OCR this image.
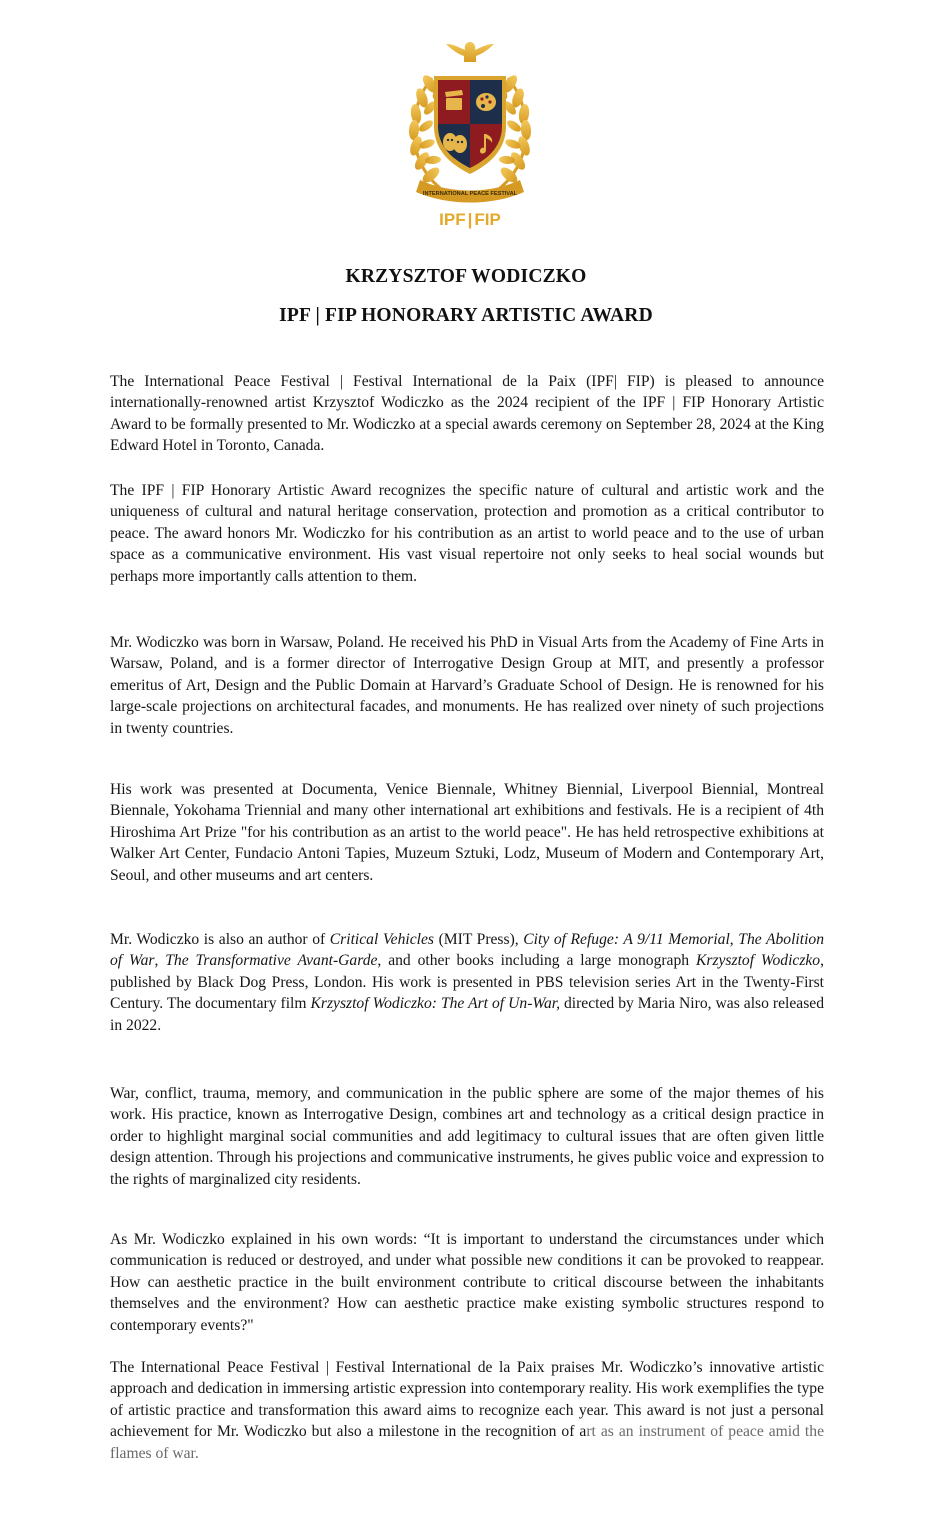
INTERNATIONAL PEACE FESTIVAL
IPF | FIP
KRZYSZTOF WODICZKO
IPF | FIP HONORARY ARTISTIC AWARD

The International Peace Festival | Festival International de la Paix (IPF| FIP) is pleased to announce internationally-renowned artist Krzysztof Wodiczko as the 2024 recipient of the IPF | FIP Honorary Artistic Award to be formally presented to Mr. Wodiczko at a special awards ceremony on September 28, 2024 at the King Edward Hotel in Toronto, Canada.

The IPF | FIP Honorary Artistic Award recognizes the specific nature of cultural and artistic work and the uniqueness of cultural and natural heritage conservation, protection and promotion as a critical contributor to peace. The award honors Mr. Wodiczko for his contribution as an artist to world peace and to the use of urban space as a communicative environment. His vast visual repertoire not only seeks to heal social wounds but perhaps more importantly calls attention to them.

Mr. Wodiczko was born in Warsaw, Poland. He received his PhD in Visual Arts from the Academy of Fine Arts in Warsaw, Poland, and is a former director of Interrogative Design Group at MIT, and presently a professor emeritus of Art, Design and the Public Domain at Harvard’s Graduate School of Design. He is renowned for his large-scale projections on architectural facades, and monuments. He has realized over ninety of such projections in twenty countries.

His work was presented at Documenta, Venice Biennale, Whitney Biennial, Liverpool Biennial, Montreal Biennale, Yokohama Triennial and many other international art exhibitions and festivals. He is a recipient of 4th Hiroshima Art Prize "for his contribution as an artist to the world peace". He has held retrospective exhibitions at Walker Art Center, Fundacio Antoni Tapies, Muzeum Sztuki, Lodz, Museum of Modern and Contemporary Art, Seoul, and other museums and art centers.

Mr. Wodiczko is also an author of Critical Vehicles (MIT Press), City of Refuge: A 9/11 Memorial, The Abolition of War, The Transformative Avant-Garde, and other books including a large monograph Krzysztof Wodiczko, published by Black Dog Press, London. His work is presented in PBS television series Art in the Twenty-First Century. The documentary film Krzysztof Wodiczko: The Art of Un-War, directed by Maria Niro, was also released in 2022.

War, conflict, trauma, memory, and communication in the public sphere are some of the major themes of his work. His practice, known as Interrogative Design, combines art and technology as a critical design practice in order to highlight marginal social communities and add legitimacy to cultural issues that are often given little design attention. Through his projections and communicative instruments, he gives public voice and expression to the rights of marginalized city residents.

As Mr. Wodiczko explained in his own words: “It is important to understand the circumstances under which communication is reduced or destroyed, and under what possible new conditions it can be provoked to reappear. How can aesthetic practice in the built environment contribute to critical discourse between the inhabitants themselves and the environment? How can aesthetic practice make existing symbolic structures respond to contemporary events?"

The International Peace Festival | Festival International de la Paix praises Mr. Wodiczko’s innovative artistic approach and dedication in immersing artistic expression into contemporary reality. His work exemplifies the type of artistic practice and transformation this award aims to recognize each year. This award is not just a personal achievement for Mr. Wodiczko but also a milestone in the recognition of art as an instrument of peace amid the flames of war.
